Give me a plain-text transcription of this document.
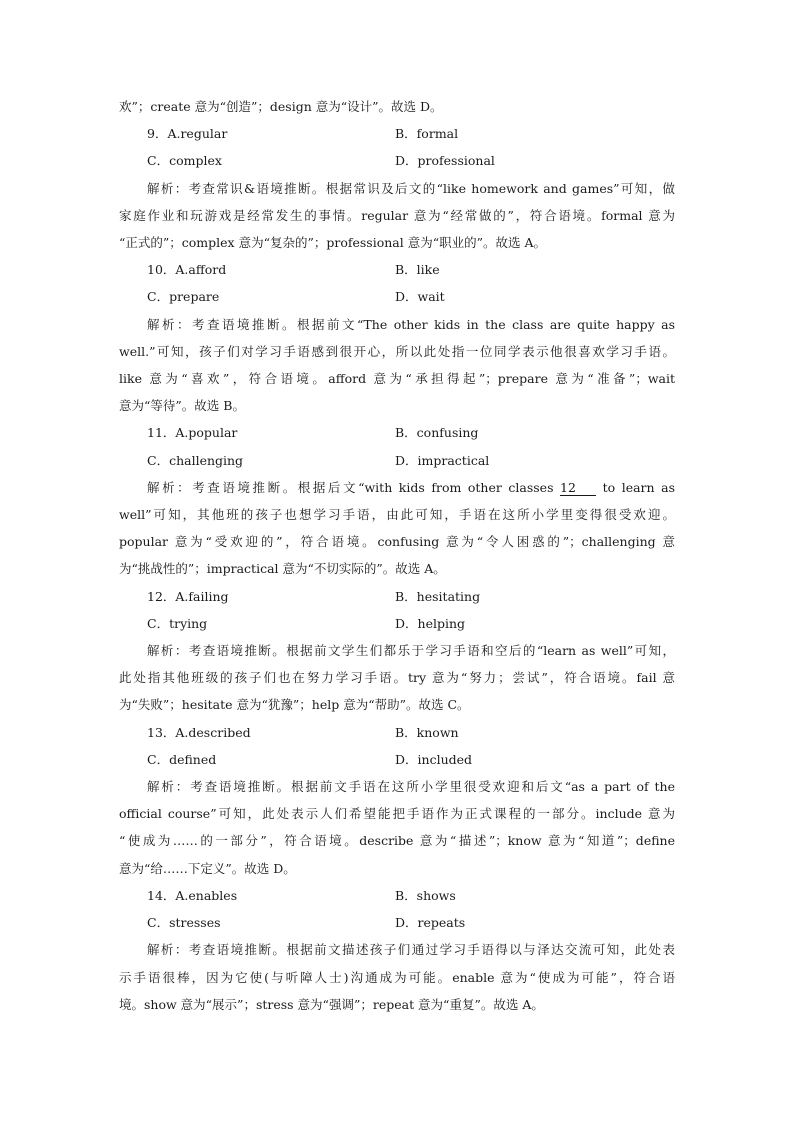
欢”；create 意为“创造”；design 意为“设计”。故选 D。
9．A.regular	B．formal
C．complex	D．professional
解析：考查常识&语境推断。根据常识及后文的“like homework and games”可知，做
家庭作业和玩游戏是经常发生的事情。regular 意为“经常做的”，符合语境。formal 意为
“正式的”；complex 意为“复杂的”；professional 意为“职业的”。故选 A。
10．A.afford	B．like
C．prepare	D．wait
解析：考查语境推断。根据前文“The other kids in the class are quite happy as
well.”可知，孩子们对学习手语感到很开心，所以此处指一位同学表示他很喜欢学习手语。
like 意为“喜欢”，符合语境。afford 意为“承担得起”；prepare 意为“准备”；wait
意为“等待”。故选 B。
11．A.popular	B．confusing
C．challenging	D．impractical
解析：考查语境推断。根据后文“with kids from other classes 12 to learn as
well”可知，其他班的孩子也想学习手语，由此可知，手语在这所小学里变得很受欢迎。
popular 意为“受欢迎的”，符合语境。confusing 意为“令人困惑的”；challenging 意
为“挑战性的”；impractical 意为“不切实际的”。故选 A。
12．A.failing	B．hesitating
C．trying	D．helping
解析：考查语境推断。根据前文学生们都乐于学习手语和空后的“learn as well”可知，
此处指其他班级的孩子们也在努力学习手语。try 意为“努力；尝试”，符合语境。fail 意
为“失败”；hesitate 意为“犹豫”；help 意为“帮助”。故选 C。
13．A.described	B．known
C．defined	D．included
解析：考查语境推断。根据前文手语在这所小学里很受欢迎和后文“as a part of the
official course”可知，此处表示人们希望能把手语作为正式课程的一部分。include 意为
“使成为……的一部分”，符合语境。describe 意为“描述”；know 意为“知道”；define
意为“给……下定义”。故选 D。
14．A.enables	B．shows
C．stresses	D．repeats
解析：考查语境推断。根据前文描述孩子们通过学习手语得以与泽达交流可知，此处表
示手语很棒，因为它使(与听障人士)沟通成为可能。enable 意为“使成为可能”，符合语
境。show 意为“展示”；stress 意为“强调”；repeat 意为“重复”。故选 A。
